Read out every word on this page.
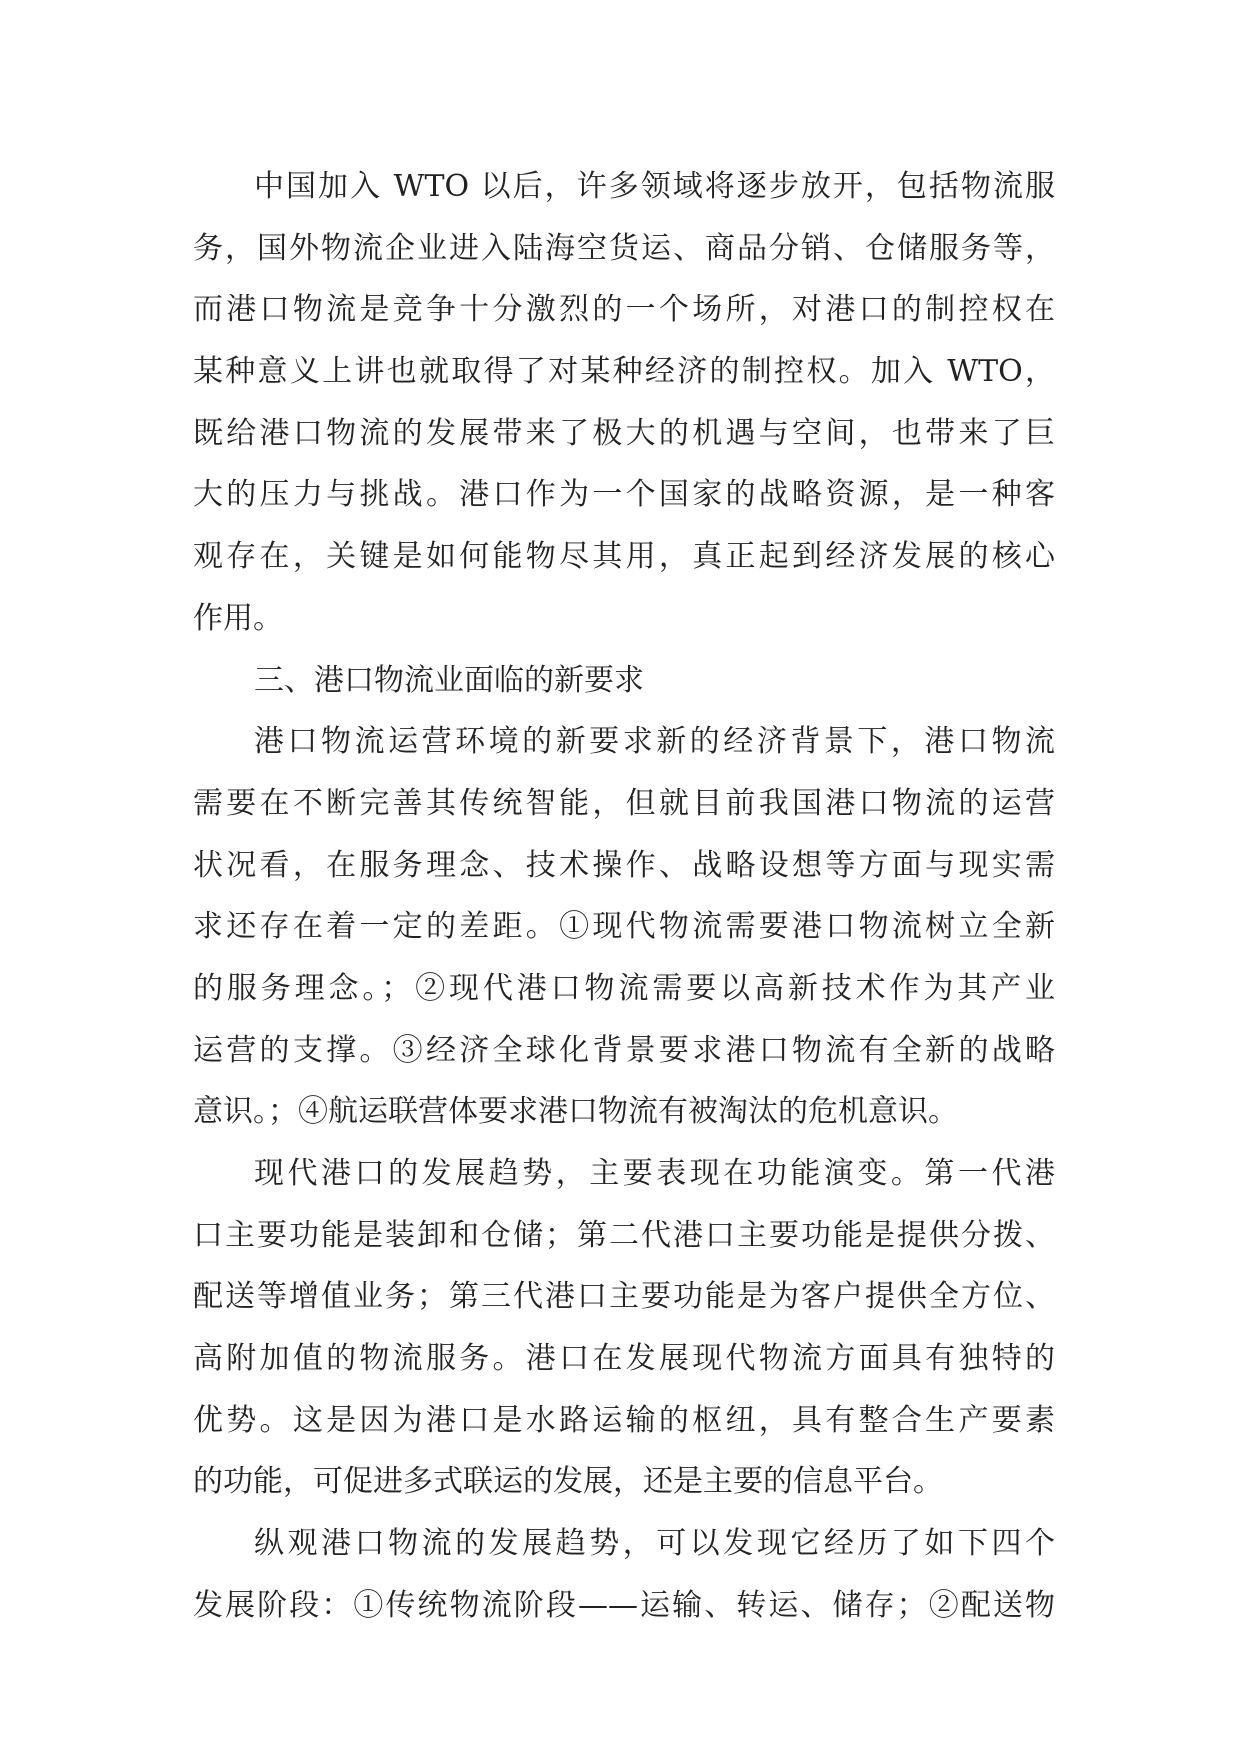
中国加入 WTO 以后，许多领域将逐步放开，包括物流服
务，国外物流企业进入陆海空货运、商品分销、仓储服务等，
而港口物流是竞争十分激烈的一个场所，对港口的制控权在
某种意义上讲也就取得了对某种经济的制控权。加入 WTO，
既给港口物流的发展带来了极大的机遇与空间，也带来了巨
大的压力与挑战。港口作为一个国家的战略资源，是一种客
观存在，关键是如何能物尽其用，真正起到经济发展的核心
作用。
三、港口物流业面临的新要求
港口物流运营环境的新要求新的经济背景下，港口物流
需要在不断完善其传统智能，但就目前我国港口物流的运营
状况看，在服务理念、技术操作、战略设想等方面与现实需
求还存在着一定的差距。①现代物流需要港口物流树立全新
的服务理念。；②现代港口物流需要以高新技术作为其产业
运营的支撑。③经济全球化背景要求港口物流有全新的战略
意识。；④航运联营体要求港口物流有被淘汰的危机意识。
现代港口的发展趋势，主要表现在功能演变。第一代港
口主要功能是装卸和仓储；第二代港口主要功能是提供分拨、
配送等增值业务；第三代港口主要功能是为客户提供全方位、
高附加值的物流服务。港口在发展现代物流方面具有独特的
优势。这是因为港口是水路运输的枢纽，具有整合生产要素
的功能，可促进多式联运的发展，还是主要的信息平台。
纵观港口物流的发展趋势，可以发现它经历了如下四个
发展阶段：①传统物流阶段——运输、转运、储存；②配送物
